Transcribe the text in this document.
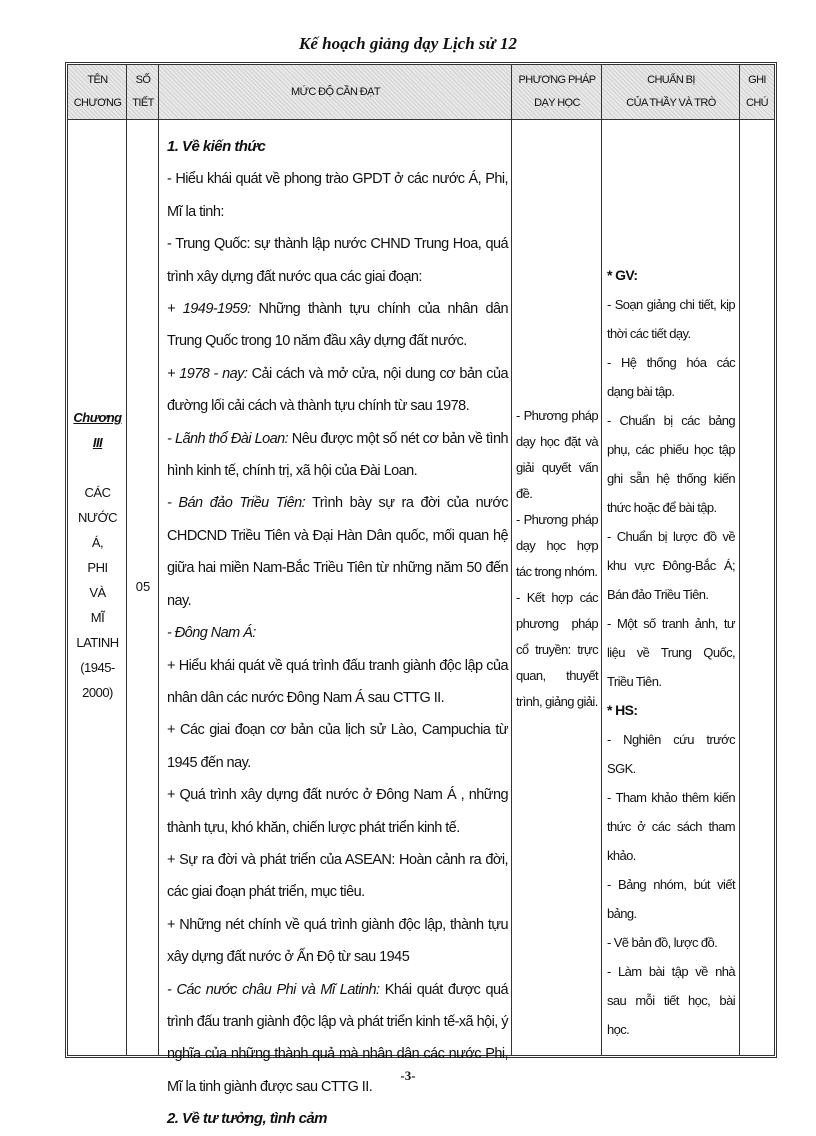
Kế hoạch giảng dạy Lịch sử 12
TÊN
CHƯƠNG
SỐ
TIẾT
MỨC ĐỘ CẦN ĐẠT
PHƯƠNG PHÁP
DẠY HỌC
CHUẨN BỊ
CỦA THẦY VÀ TRÒ
GHI
CHÚ
Chương
III
CÁC
NƯỚC
Á,
PHI
VÀ
MĨ
LATINH
(1945-
2000)
05

1. Về kiến thức

- Hiểu khái quát về phong trào GPDT ở các nước Á, Phi, Mĩ la tinh:

- Trung Quốc: sự thành lập nước CHND Trung Hoa, quá trình xây dựng đất nước qua các giai đoạn:

+ 1949-1959: Những thành tựu chính của nhân dân Trung Quốc trong 10 năm đầu xây dựng đất nước.

+ 1978 - nay: Cải cách và mở cửa, nội dung cơ bản của đường lối cải cách và thành tựu chính từ sau 1978.

- Lãnh thổ Đài Loan: Nêu được một số nét cơ bản về tình hình kinh tế, chính trị, xã hội của Đài Loan.

- Bán đảo Triều Tiên: Trình bày sự ra đời của nước CHDCND Triều Tiên và Đại Hàn Dân quốc, mối quan hệ giữa hai miền Nam-Bắc Triều Tiên từ những năm 50 đến nay.

- Đông Nam Á:

+ Hiểu khái quát về quá trình đấu tranh giành độc lập của nhân dân các nước Đông Nam Á sau CTTG II.

+ Các giai đoạn cơ bản của lịch sử Lào, Campuchia từ 1945 đến nay.

+ Quá trình xây dựng đất nước ở Đông Nam Á , những thành tựu, khó khăn, chiến lược phát triển kinh tế.

+ Sự ra đời và phát triển của ASEAN: Hoàn cảnh ra đời, các giai đoạn phát triển, mục tiêu.

+ Những nét chính về quá trình giành độc lập, thành tựu xây dựng đất nước ở Ấn Độ từ sau 1945

- Các nước châu Phi và Mĩ Latinh: Khái quát được quá trình đấu tranh giành độc lập và phát triển kinh tế-xã hội, ý nghĩa của những thành quả mà nhân dân các nước Phi, Mĩ la tinh giành được sau CTTG II.

2. Về tư tưởng, tình cảm

- Phương pháp dạy học đặt và giải quyết vấn đề.

- Phương pháp dạy học hợp tác trong nhóm.

- Kết hợp các phương pháp cổ truyền: trực quan, thuyết trình, giảng giải.

* GV:

- Soạn giảng chi tiết, kịp thời các tiết dạy.

- Hệ thống hóa các dạng bài tập.

- Chuẩn bị các bảng phụ, các phiếu học tập ghi sẵn hệ thống kiến thức hoặc để bài tập.

- Chuẩn bị lược đồ về khu vực Đông-Bắc Á; Bán đảo Triều Tiên.

- Một số tranh ảnh, tư liệu về Trung Quốc, Triều Tiên.

* HS:

- Nghiên cứu trước SGK.

- Tham khảo thêm kiến thức ở các sách tham khảo.

- Bảng nhóm, bút viết bảng.

- Vẽ bản đồ, lược đồ.

- Làm bài tập về nhà sau mỗi tiết học, bài học.

-3-
